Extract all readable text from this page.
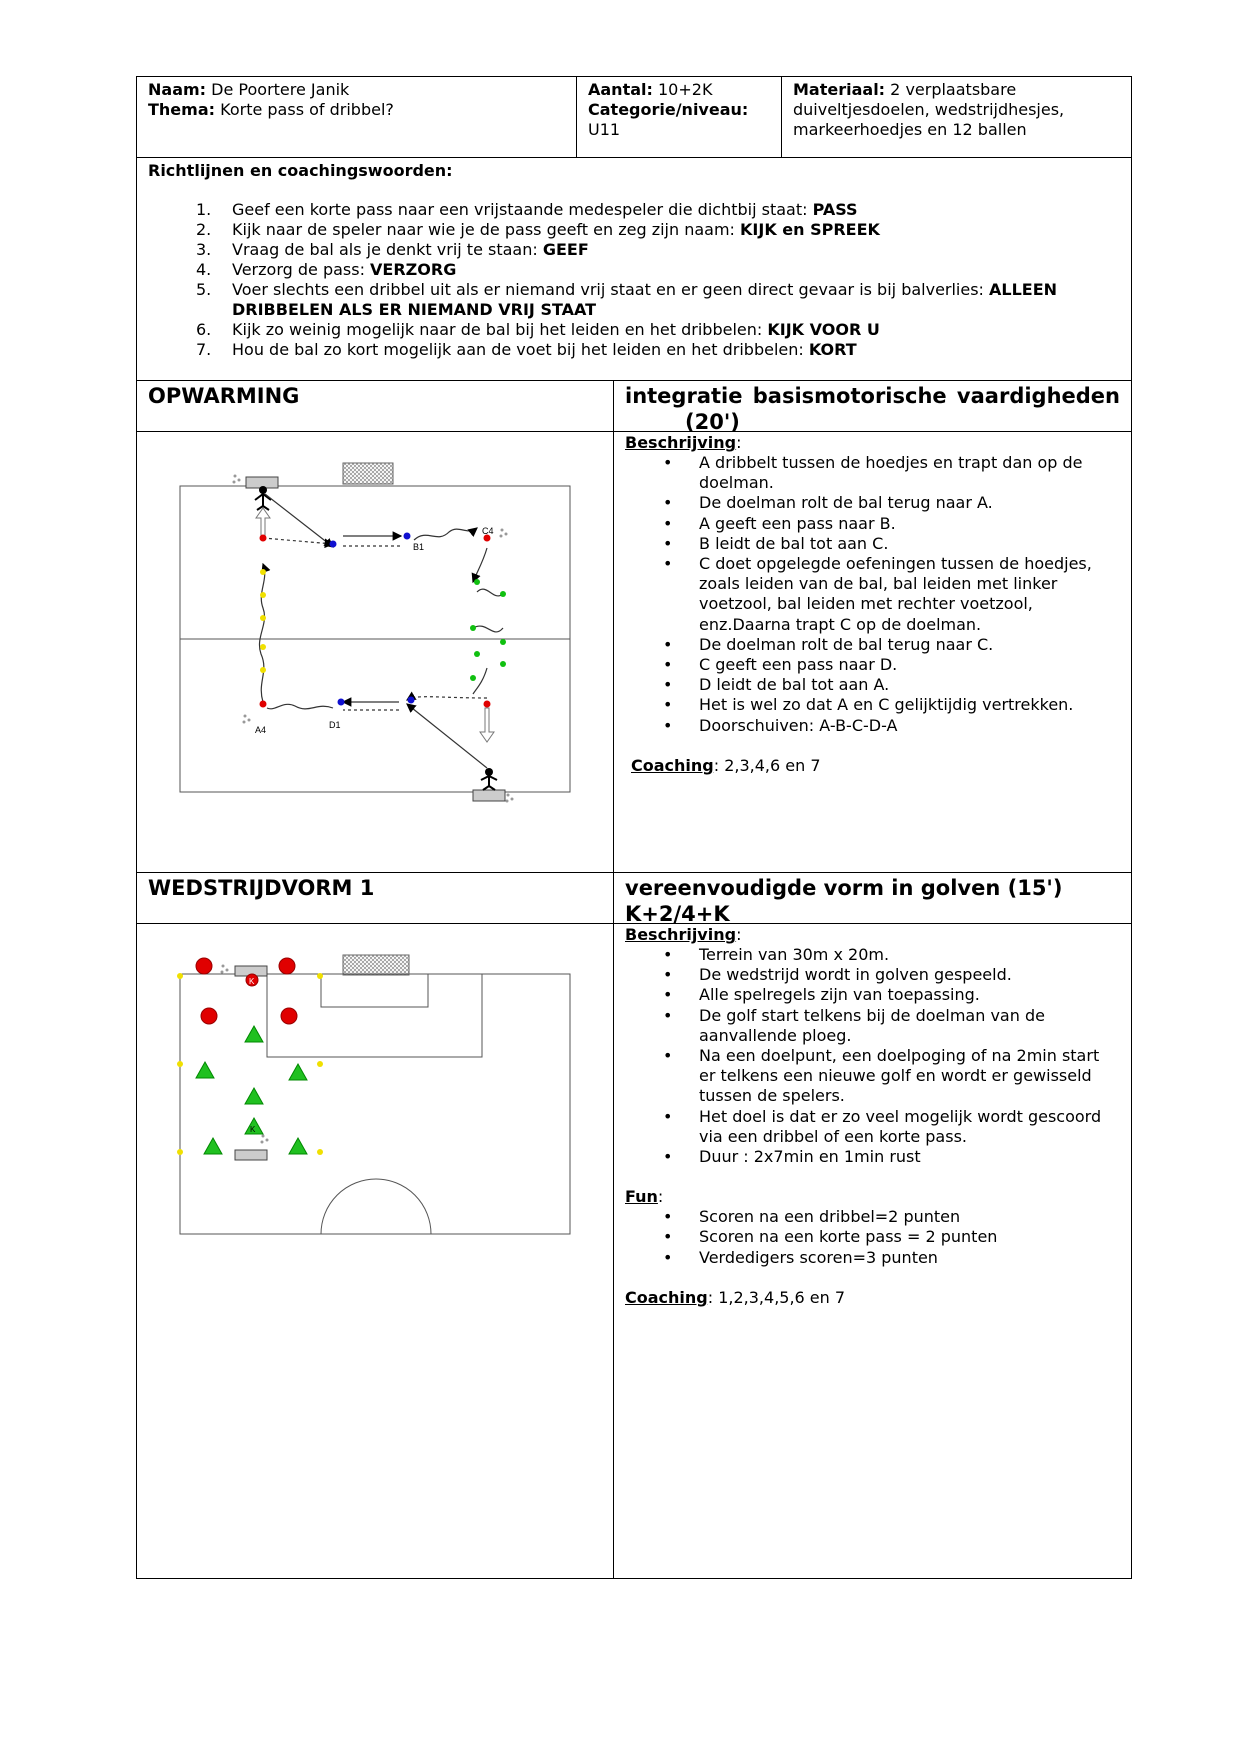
Naam: De Poortere Janik
Thema: Korte pass of dribbel?
Aantal: 10+2K
Categorie/niveau:
U11
Materiaal: 2 verplaatsbare
duiveltjesdoelen, wedstrijdhesjes,
markeerhoedjes en 12 ballen
Richtlijnen en coachingswoorden:
1. Geef een korte pass naar een vrijstaande medespeler die dichtbij staat: PASS
2. Kijk naar de speler naar wie je de pass geeft en zeg zijn naam: KIJK en SPREEK
3. Vraag de bal als je denkt vrij te staan: GEEF
4. Verzorg de pass: VERZORG
5. Voer slechts een dribbel uit als er niemand vrij staat en er geen direct gevaar is bij balverlies: ALLEEN DRIBBELEN ALS ER NIEMAND VRIJ STAAT
6. Kijk zo weinig mogelijk naar de bal bij het leiden en het dribbelen: KIJK VOOR U
7. Hou de bal zo kort mogelijk aan de voet bij het leiden en het dribbelen: KORT
OPWARMING	integratie basismotorische vaardigheden
(20')
B1
C4
A4	D1
Beschrijving:
• A dribbelt tussen de hoedjes en trapt dan op de doelman.
• De doelman rolt de bal terug naar A.
• A geeft een pass naar B.
• B leidt de bal tot aan C.
• C doet opgelegde oefeningen tussen de hoedjes, zoals leiden van de bal, bal leiden met linker voetzool, bal leiden met rechter voetzool, enz.Daarna trapt C op de doelman.
• De doelman rolt de bal terug naar C.
• C geeft een pass naar D.
• D leidt de bal tot aan A.
• Het is wel zo dat A en C gelijktijdig vertrekken.
• Doorschuiven: A-B-C-D-A
Coaching: 2,3,4,6 en 7
WEDSTRIJDVORM 1	vereenvoudigde vorm in golven (15')
K+2/4+K
K
K
Beschrijving:
• Terrein van 30m x 20m.
• De wedstrijd wordt in golven gespeeld.
• Alle spelregels zijn van toepassing.
• De golf start telkens bij de doelman van de aanvallende ploeg.
• Na een doelpunt, een doelpoging of na 2min start er telkens een nieuwe golf en wordt er gewisseld tussen de spelers.
• Het doel is dat er zo veel mogelijk wordt gescoord via een dribbel of een korte pass.
• Duur : 2x7min en 1min rust
Fun:
• Scoren na een dribbel=2 punten
• Scoren na een korte pass = 2 punten
• Verdedigers scoren=3 punten
Coaching: 1,2,3,4,5,6 en 7
